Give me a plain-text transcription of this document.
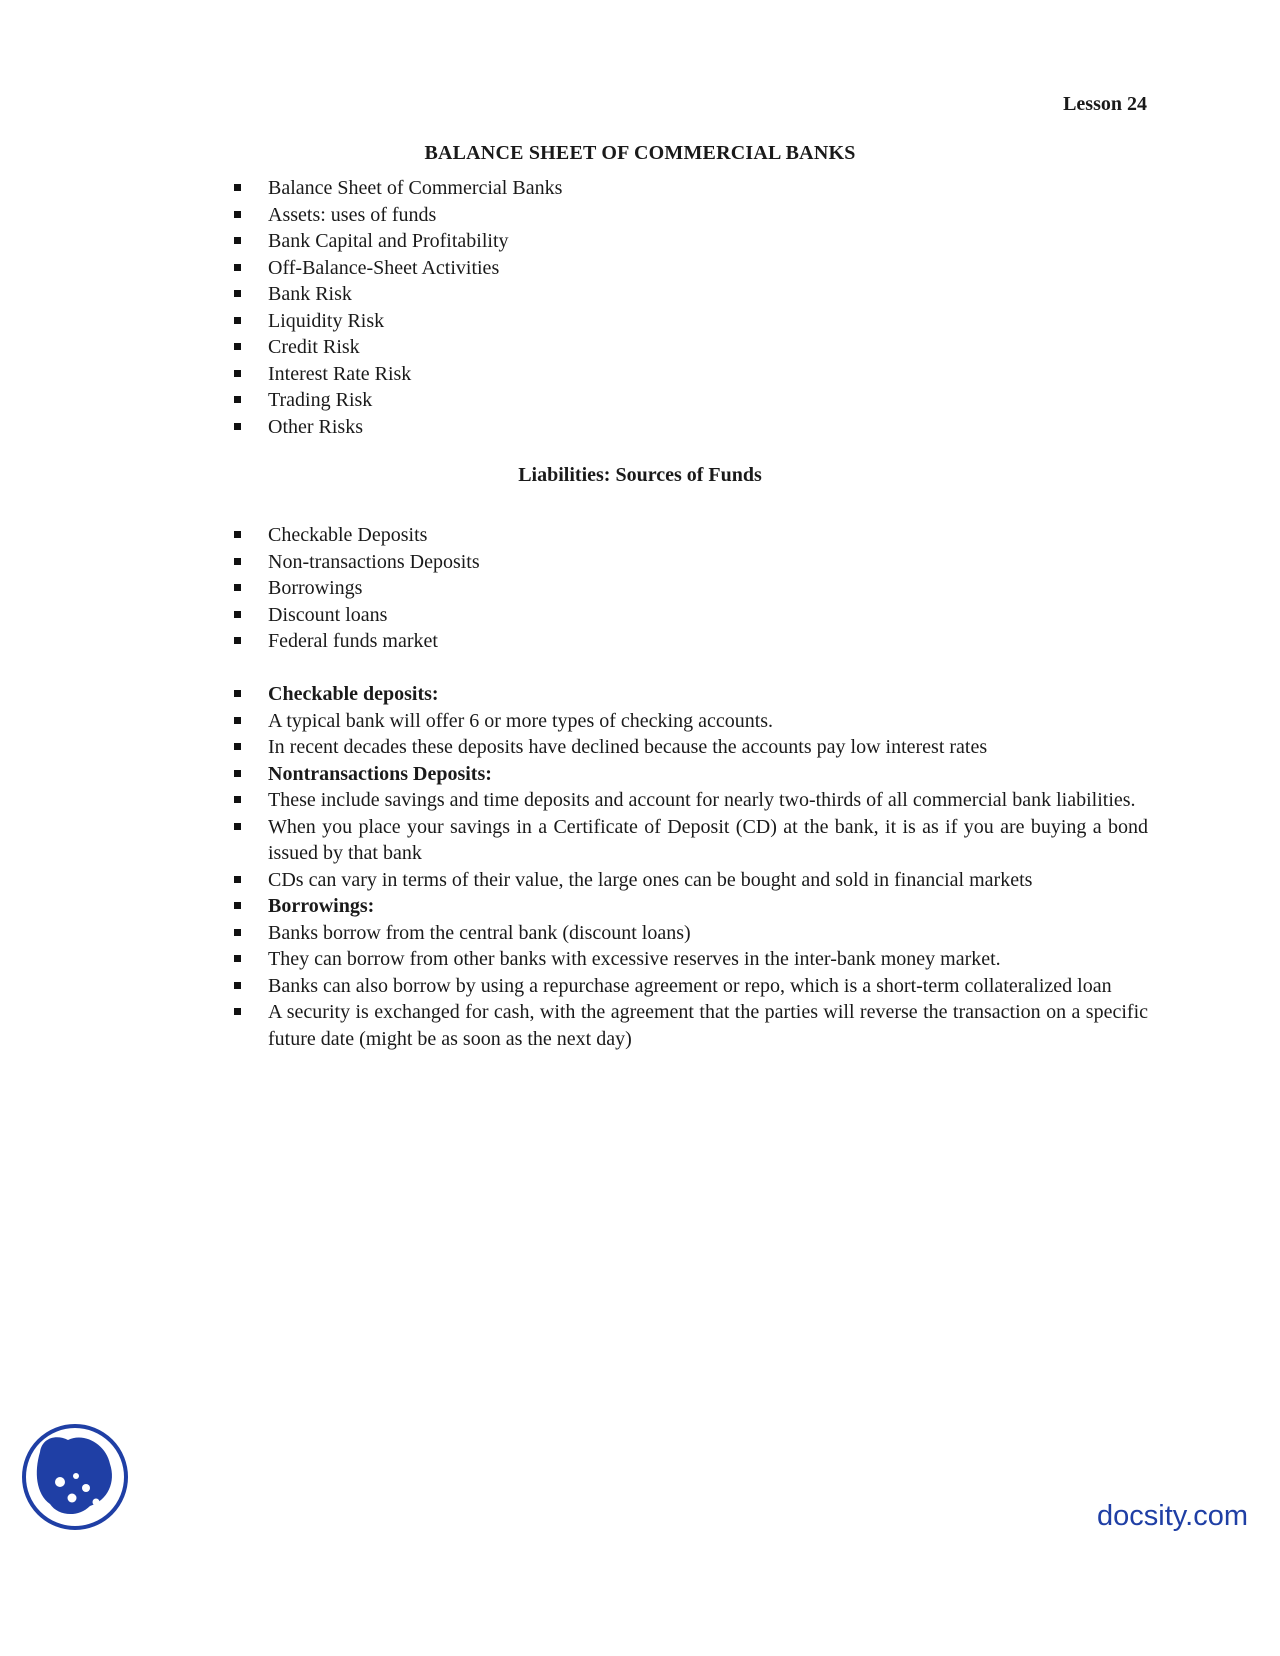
Lesson 24
BALANCE SHEET OF COMMERCIAL BANKS
Balance Sheet of Commercial Banks
Assets: uses of funds
Bank Capital and Profitability
Off-Balance-Sheet Activities
Bank Risk
Liquidity Risk
Credit Risk
Interest Rate Risk
Trading Risk
Other Risks
Liabilities: Sources of Funds
Checkable Deposits
Non-transactions Deposits
Borrowings
Discount loans
Federal funds market
Checkable deposits:
A typical bank will offer 6 or more types of checking accounts.
In recent decades these deposits have declined because the accounts pay low interest rates
Nontransactions Deposits:
These include savings and time deposits and account for nearly two-thirds of all commercial bank liabilities.
When you place your savings in a Certificate of Deposit (CD) at the bank, it is as if you are buying a bond issued by that bank
CDs can vary in terms of their value, the large ones can be bought and sold in financial markets
Borrowings:
Banks borrow from the central bank (discount loans)
They can borrow from other banks with excessive reserves in the inter-bank money market.
Banks can also borrow by using a repurchase agreement or repo, which is a short-term collateralized loan
A security is exchanged for cash, with the agreement that the parties will reverse the transaction on a specific future date (might be as soon as the next day)

docsity.com
